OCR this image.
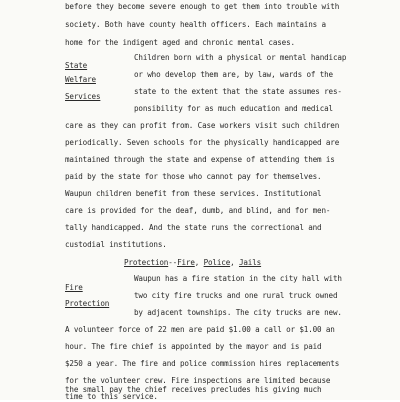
before they become severe enough to get them into trouble with
society. Both have county health officers. Each maintains a
home for the indigent aged and chronic mental cases.
State
Welfare
Services
Children born with a physical or mental handicap
or who develop them are, by law, wards of the
state to the extent that the state assumes res-
ponsibility for as much education and medical
care as they can profit from. Case workers visit such children
periodically. Seven schools for the physically handicapped are
maintained through the state and expense of attending them is
paid by the state for those who cannot pay for themselves.
Waupun children benefit from these services. Institutional
care is provided for the deaf, dumb, and blind, and for men-
tally handicapped. And the state runs the correctional and
custodial institutions.
Protection--Fire, Police, Jails
Fire
Protection
Waupun has a fire station in the city hall with
two city fire trucks and one rural truck owned
by adjacent townships. The city trucks are new.
A volunteer force of 22 men are paid $1.00 a call or $1.00 an
hour. The fire chief is appointed by the mayor and is paid
$250 a year. The fire and police commission hires replacements
for the volunteer crew. Fire inspections are limited because
the small pay the chief receives precludes his giving much
time to this service.
